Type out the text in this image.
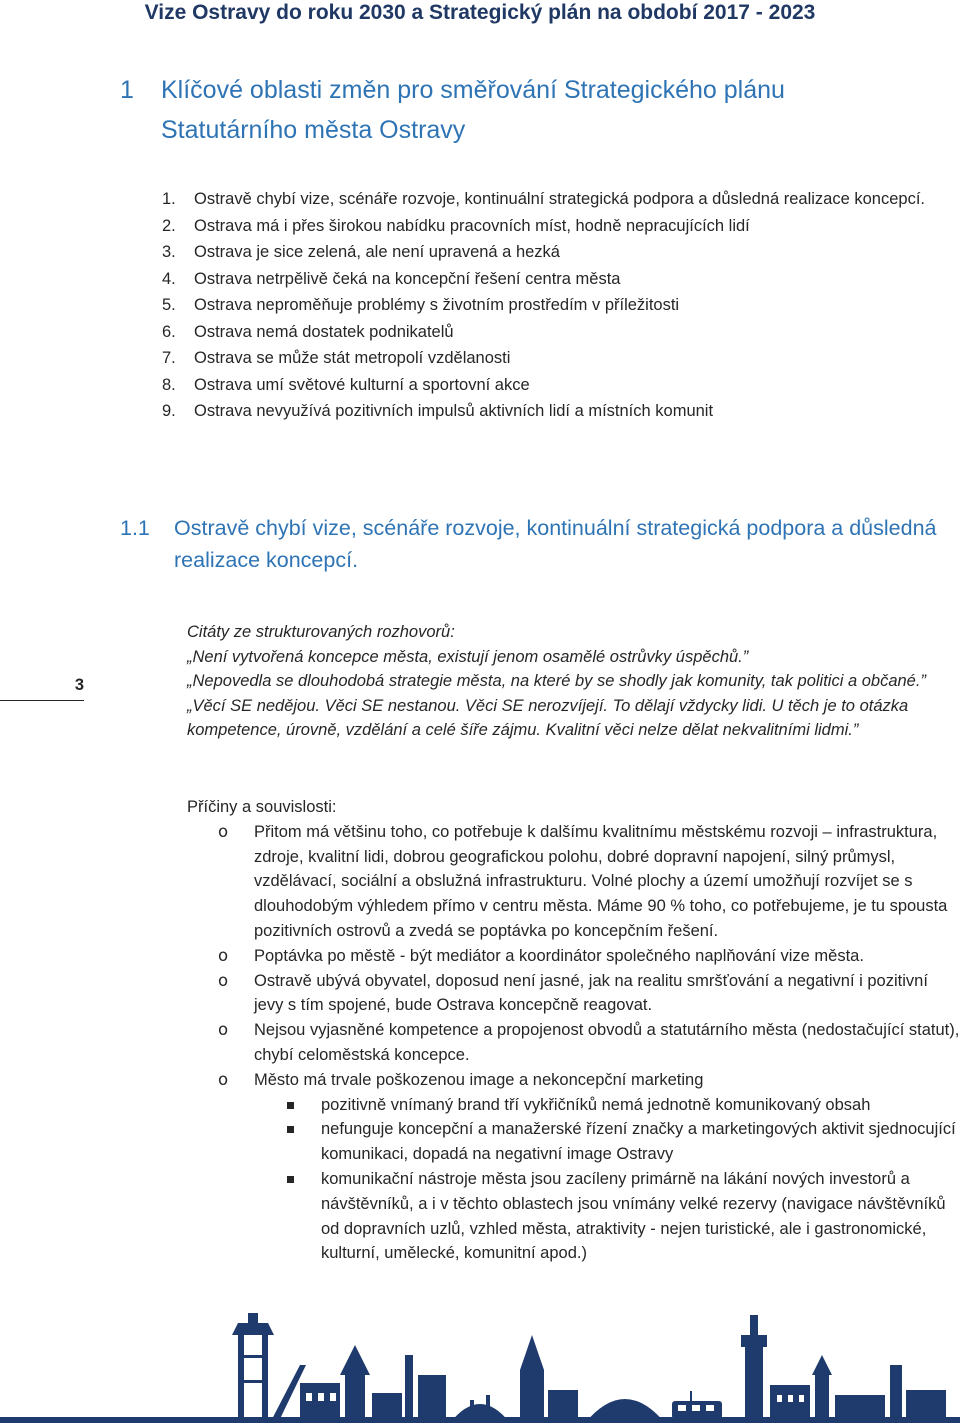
Vize Ostravy do roku 2030 a Strategický plán na období 2017 - 2023
1 Klíčové oblasti změn pro směřování Strategického plánu Statutárního města Ostravy
1. Ostravě chybí vize, scénáře rozvoje, kontinuální strategická podpora a důsledná realizace koncepcí.
2. Ostrava má i přes širokou nabídku pracovních míst, hodně nepracujících lidí
3. Ostrava je sice zelená, ale není upravená a hezká
4. Ostrava netrpělivě čeká na koncepční řešení centra města
5. Ostrava neproměňuje problémy s životním prostředím v příležitosti
6. Ostrava nemá dostatek podnikatelů
7. Ostrava se může stát metropolí vzdělanosti
8. Ostrava umí světové kulturní a sportovní akce
9. Ostrava nevyužívá pozitivních impulsů aktivních lidí a místních komunit
1.1 Ostravě chybí vize, scénáře rozvoje, kontinuální strategická podpora a důsledná realizace koncepcí.
3

Citáty ze strukturovaných rozhovorů:

„Není vytvořená koncepce města, existují jenom osamělé ostrůvky úspěchů.”

„Nepovedla se dlouhodobá strategie města, na které by se shodly jak komunity, tak politici a občané.”

„Věcí SE nedějou. Věci SE nestanou. Věci SE nerozvíjejí. To dělají vždycky lidi. U těch je to otázka kompetence, úrovně, vzdělání a celé šíře zájmu. Kvalitní věci nelze dělat nekvalitními lidmi.”

Příčiny a souvislosti:

o Přitom má většinu toho, co potřebuje k dalšímu kvalitnímu městskému rozvoji – infrastruktura, zdroje, kvalitní lidi, dobrou geografickou polohu, dobré dopravní napojení, silný průmysl, vzdělávací, sociální a obslužná infrastrukturu. Volné plochy a území umožňují rozvíjet se s dlouhodobým výhledem přímo v centru města. Máme 90 % toho, co potřebujeme, je tu spousta pozitivních ostrovů a zvedá se poptávka po koncepčním řešení.
o Poptávka po městě - být mediátor a koordinátor společného naplňování vize města.
o Ostravě ubývá obyvatel, doposud není jasné, jak na realitu smršťování a negativní i pozitivní jevy s tím spojené, bude Ostrava koncepčně reagovat.
o Nejsou vyjasněné kompetence a propojenost obvodů a statutárního města (nedostačující statut), chybí celoměstská koncepce.
o Město má trvale poškozenou image a nekoncepční marketing
pozitivně vnímaný brand tří vykřičníků nemá jednotně komunikovaný obsah
nefunguje koncepční a manažerské řízení značky a marketingových aktivit sjednocující komunikaci, dopadá na negativní image Ostravy
komunikační nástroje města jsou zacíleny primárně na lákání nových investorů a návštěvníků, a i v těchto oblastech jsou vnímány velké rezervy (navigace návštěvníků od dopravních uzlů, vzhled města, atraktivity - nejen turistické, ale i gastronomické, kulturní, umělecké, komunitní apod.)
